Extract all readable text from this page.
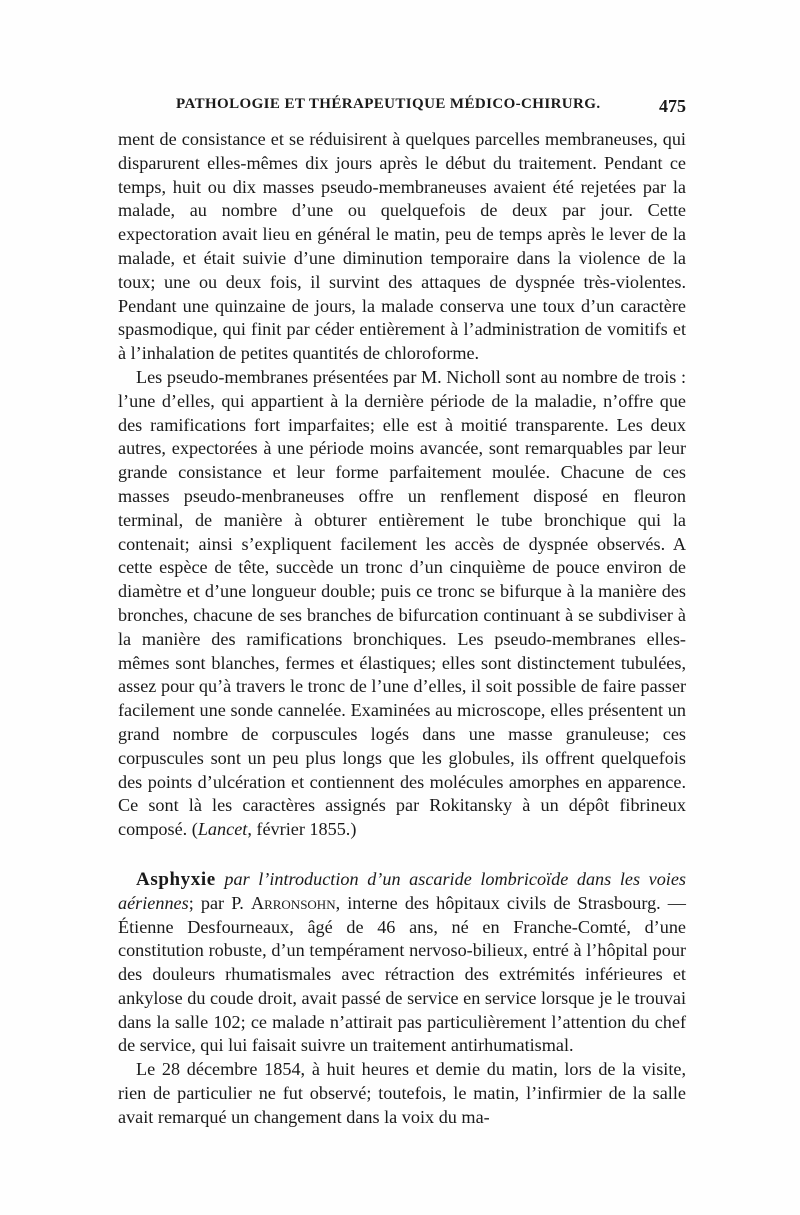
PATHOLOGIE ET THÉRAPEUTIQUE MÉDICO-CHIRURG.	475

ment de consistance et se réduisirent à quelques parcelles membraneuses, qui disparurent elles-mêmes dix jours après le début du traitement. Pendant ce temps, huit ou dix masses pseudo-membraneuses avaient été rejetées par la malade, au nombre d’une ou quelquefois de deux par jour. Cette expectoration avait lieu en général le matin, peu de temps après le lever de la malade, et était suivie d’une diminution temporaire dans la violence de la toux; une ou deux fois, il survint des attaques de dyspnée très-violentes. Pendant une quinzaine de jours, la malade conserva une toux d’un caractère spasmodique, qui finit par céder entièrement à l’administration de vomitifs et à l’inhalation de petites quantités de chloroforme.

Les pseudo-membranes présentées par M. Nicholl sont au nombre de trois : l’une d’elles, qui appartient à la dernière période de la maladie, n’offre que des ramifications fort imparfaites; elle est à moitié transparente. Les deux autres, expectorées à une période moins avancée, sont remarquables par leur grande consistance et leur forme parfaitement moulée. Chacune de ces masses pseudo-menbraneuses offre un renflement disposé en fleuron terminal, de manière à obturer entièrement le tube bronchique qui la contenait; ainsi s’expliquent facilement les accès de dyspnée observés. A cette espèce de tête, succède un tronc d’un cinquième de pouce environ de diamètre et d’une longueur double; puis ce tronc se bifurque à la manière des bronches, chacune de ses branches de bifurcation continuant à se subdiviser à la manière des ramifications bronchiques. Les pseudo-membranes elles-mêmes sont blanches, fermes et élastiques; elles sont distinctement tubulées, assez pour qu’à travers le tronc de l’une d’elles, il soit possible de faire passer facilement une sonde cannelée. Examinées au microscope, elles présentent un grand nombre de corpuscules logés dans une masse granuleuse; ces corpuscules sont un peu plus longs que les globules, ils offrent quelquefois des points d’ulcération et contiennent des molécules amorphes en apparence. Ce sont là les caractères assignés par Rokitansky à un dépôt fibrineux composé. (Lancet, février 1855.)

Asphyxie par l’introduction d’un ascaride lombricoïde dans les voies aériennes; par P. Arronsohn, interne des hôpitaux civils de Strasbourg. — Étienne Desfourneaux, âgé de 46 ans, né en Franche-Comté, d’une constitution robuste, d’un tempérament nervoso-bilieux, entré à l’hôpital pour des douleurs rhumatismales avec rétraction des extrémités inférieures et ankylose du coude droit, avait passé de service en service lorsque je le trouvai dans la salle 102; ce malade n’attirait pas particulièrement l’attention du chef de service, qui lui faisait suivre un traitement antirhumatismal.

Le 28 décembre 1854, à huit heures et demie du matin, lors de la visite, rien de particulier ne fut observé; toutefois, le matin, l’infirmier de la salle avait remarqué un changement dans la voix du ma-
